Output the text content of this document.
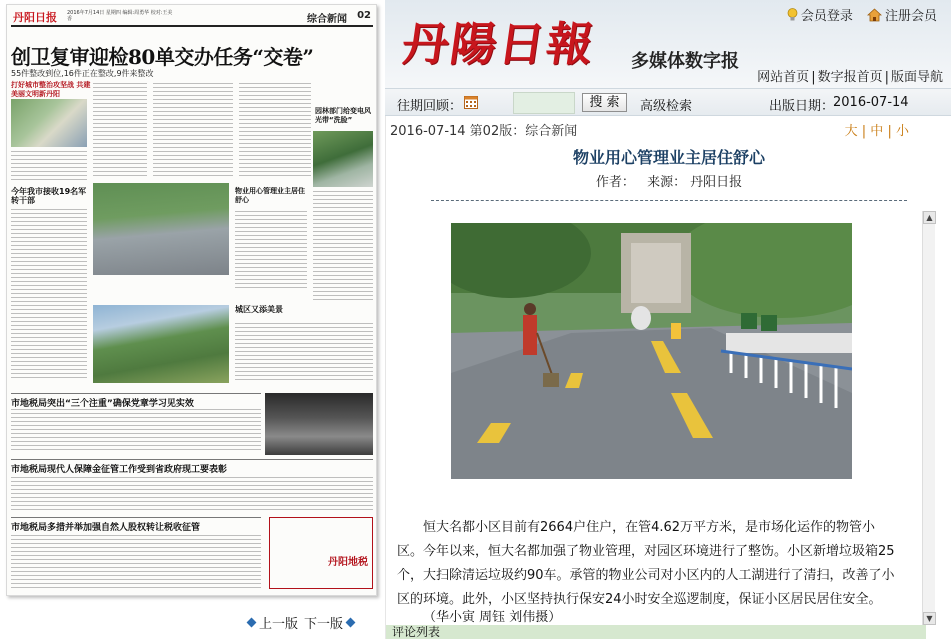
丹阳日报 2016年7月14日 星期四 编辑:周勇华 校对:王美香	综合新闻 02
创卫复审迎检80单交办任务“交卷”
55件整改到位,16件正在整改,9件来整改
打好城市整治攻坚战 共建美丽文明新丹阳
园林部门给变电风光带“洗脸”
今年我市接收19名军转干部
物业用心管理业主居住舒心
城区又添美景
市地税局突出“三个注重”确保党章学习见实效
市地税局现代人保障金征管工作受到省政府现工要表彰
市地税局多措并举加强自然人股权转让税收征管
丹阳地税
上一版 下一版
丹陽日報 多媒体数字报
会员登录
注册会员
网站首页 | 数字报首页 | 版面导航
往期回顾：	搜 索	高级检索	出版日期：
2016-07-14
2016-07-14 第02版：综合新闻	大 | 中 | 小
物业用心管理业主居住舒心
作者： 来源： 丹阳日报
▲
▼

恒大名都小区目前有2664户住户，在管4.62万平方米，是市场化运作的物管小区。今年以来，恒大名都加强了物业管理，对园区环境进行了整饬。小区新增垃圾箱25个，大扫除清运垃圾约90车。承管的物业公司对小区内的人工湖进行了清扫，改善了小区的环境。此外，小区坚持执行保安24小时安全巡逻制度，保证小区居民居住安全。

（华小寅 周钰 刘伟摄）
评论列表
